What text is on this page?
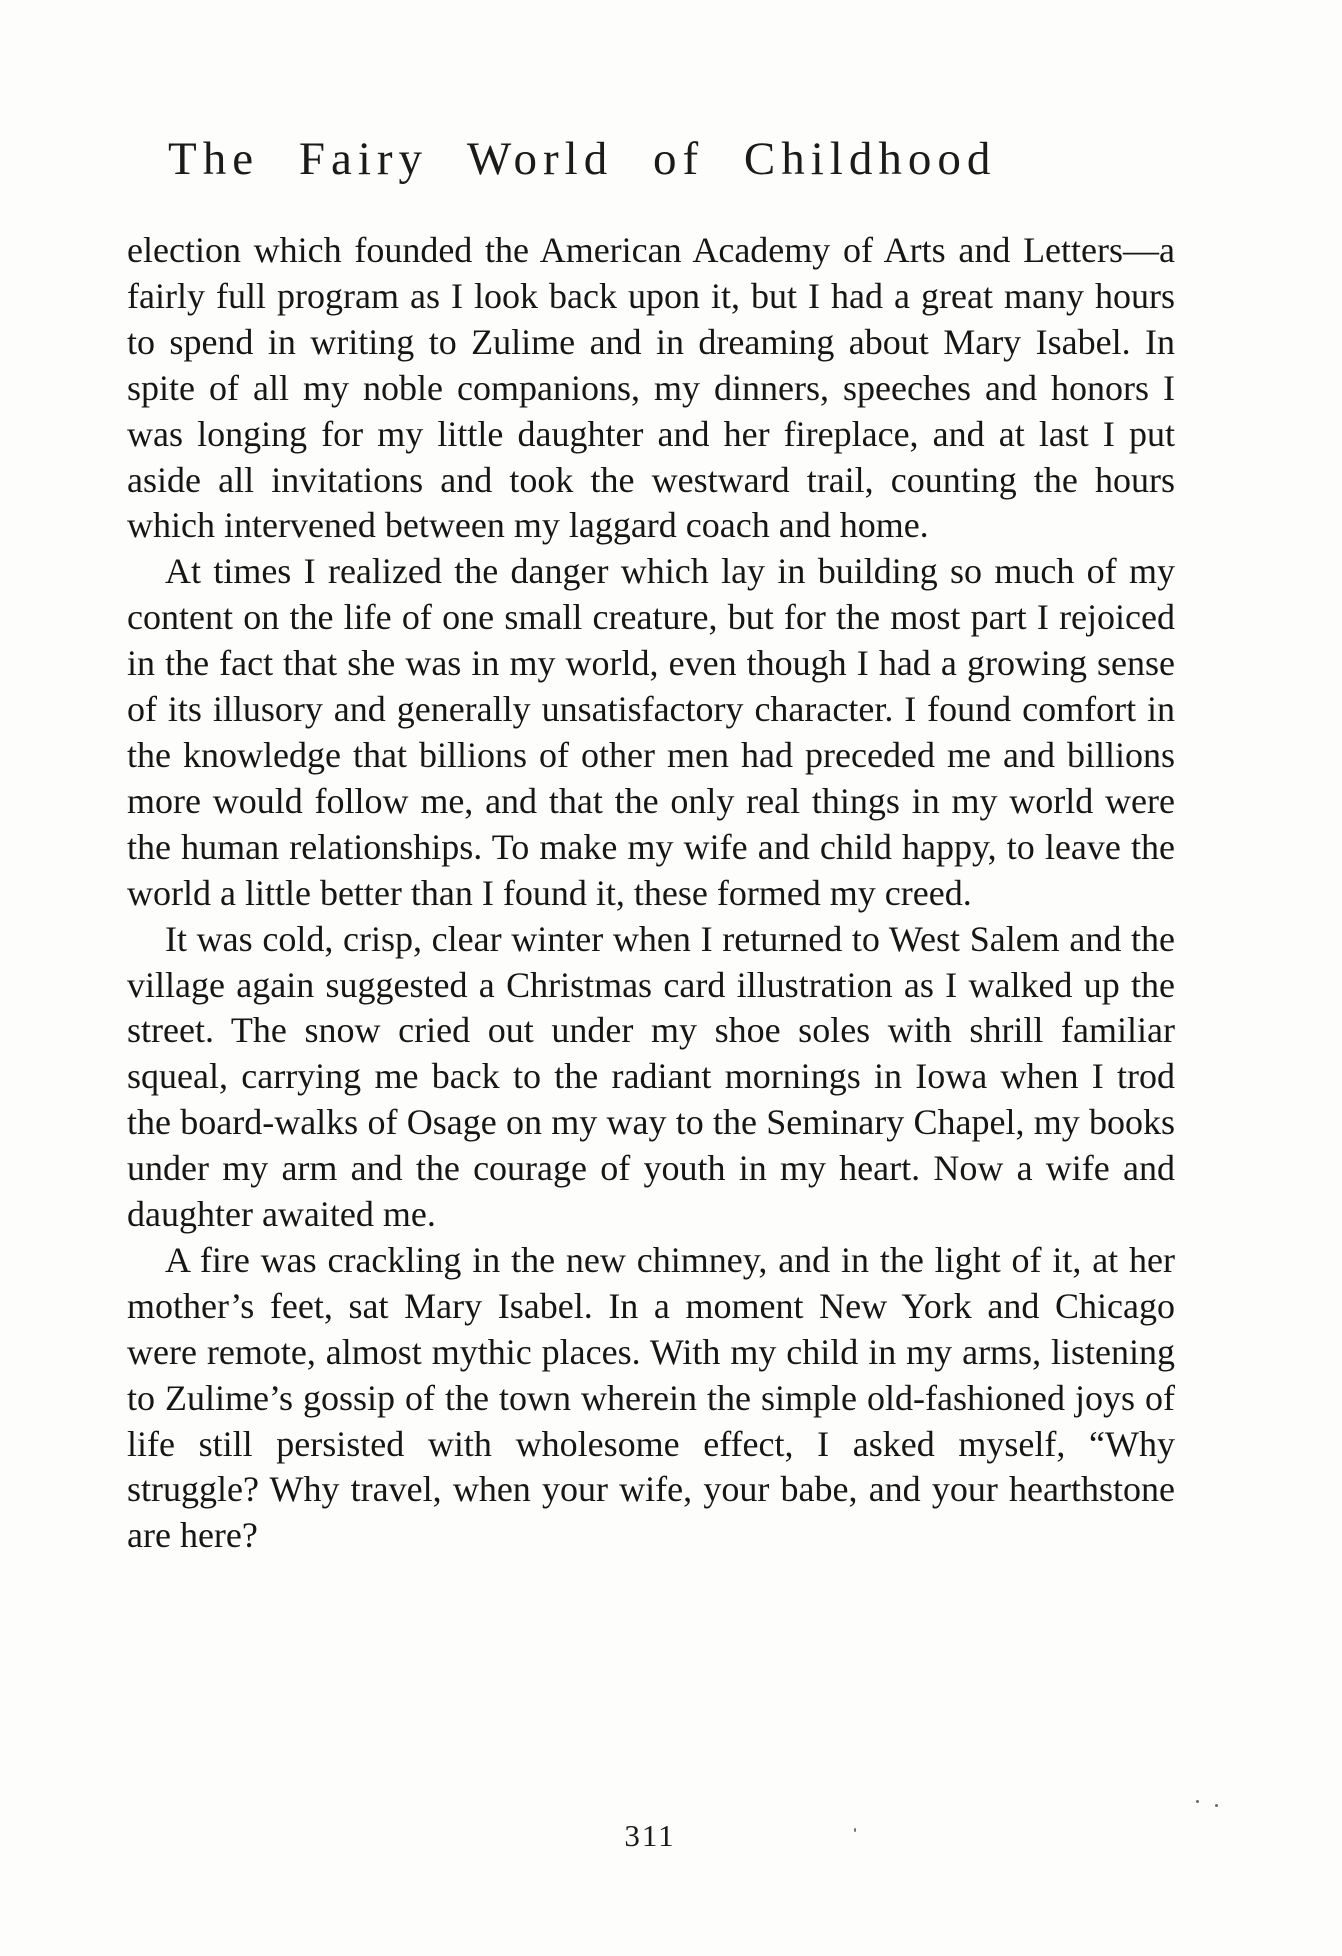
The Fairy World of Childhood

election which founded the American Academy of Arts and Letters—a fairly full program as I look back upon it, but I had a great many hours to spend in writing to Zulime and in dreaming about Mary Isabel. In spite of all my noble companions, my dinners, speeches and honors I was longing for my little daughter and her fireplace, and at last I put aside all invitations and took the westward trail, counting the hours which intervened between my laggard coach and home.

At times I realized the danger which lay in building so much of my content on the life of one small creature, but for the most part I rejoiced in the fact that she was in my world, even though I had a growing sense of its illusory and generally unsatisfactory character. I found comfort in the knowledge that billions of other men had preceded me and billions more would follow me, and that the only real things in my world were the human relationships. To make my wife and child happy, to leave the world a little better than I found it, these formed my creed.

It was cold, crisp, clear winter when I returned to West Salem and the village again suggested a Christmas card illustration as I walked up the street. The snow cried out under my shoe soles with shrill familiar squeal, carrying me back to the radiant mornings in Iowa when I trod the board-walks of Osage on my way to the Seminary Chapel, my books under my arm and the courage of youth in my heart. Now a wife and daughter awaited me.

A fire was crackling in the new chimney, and in the light of it, at her mother’s feet, sat Mary Isabel. In a moment New York and Chicago were remote, almost mythic places. With my child in my arms, listening to Zulime’s gossip of the town wherein the simple old-fashioned joys of life still persisted with wholesome effect, I asked myself, “Why struggle? Why travel, when your wife, your babe, and your hearthstone are here?

311
